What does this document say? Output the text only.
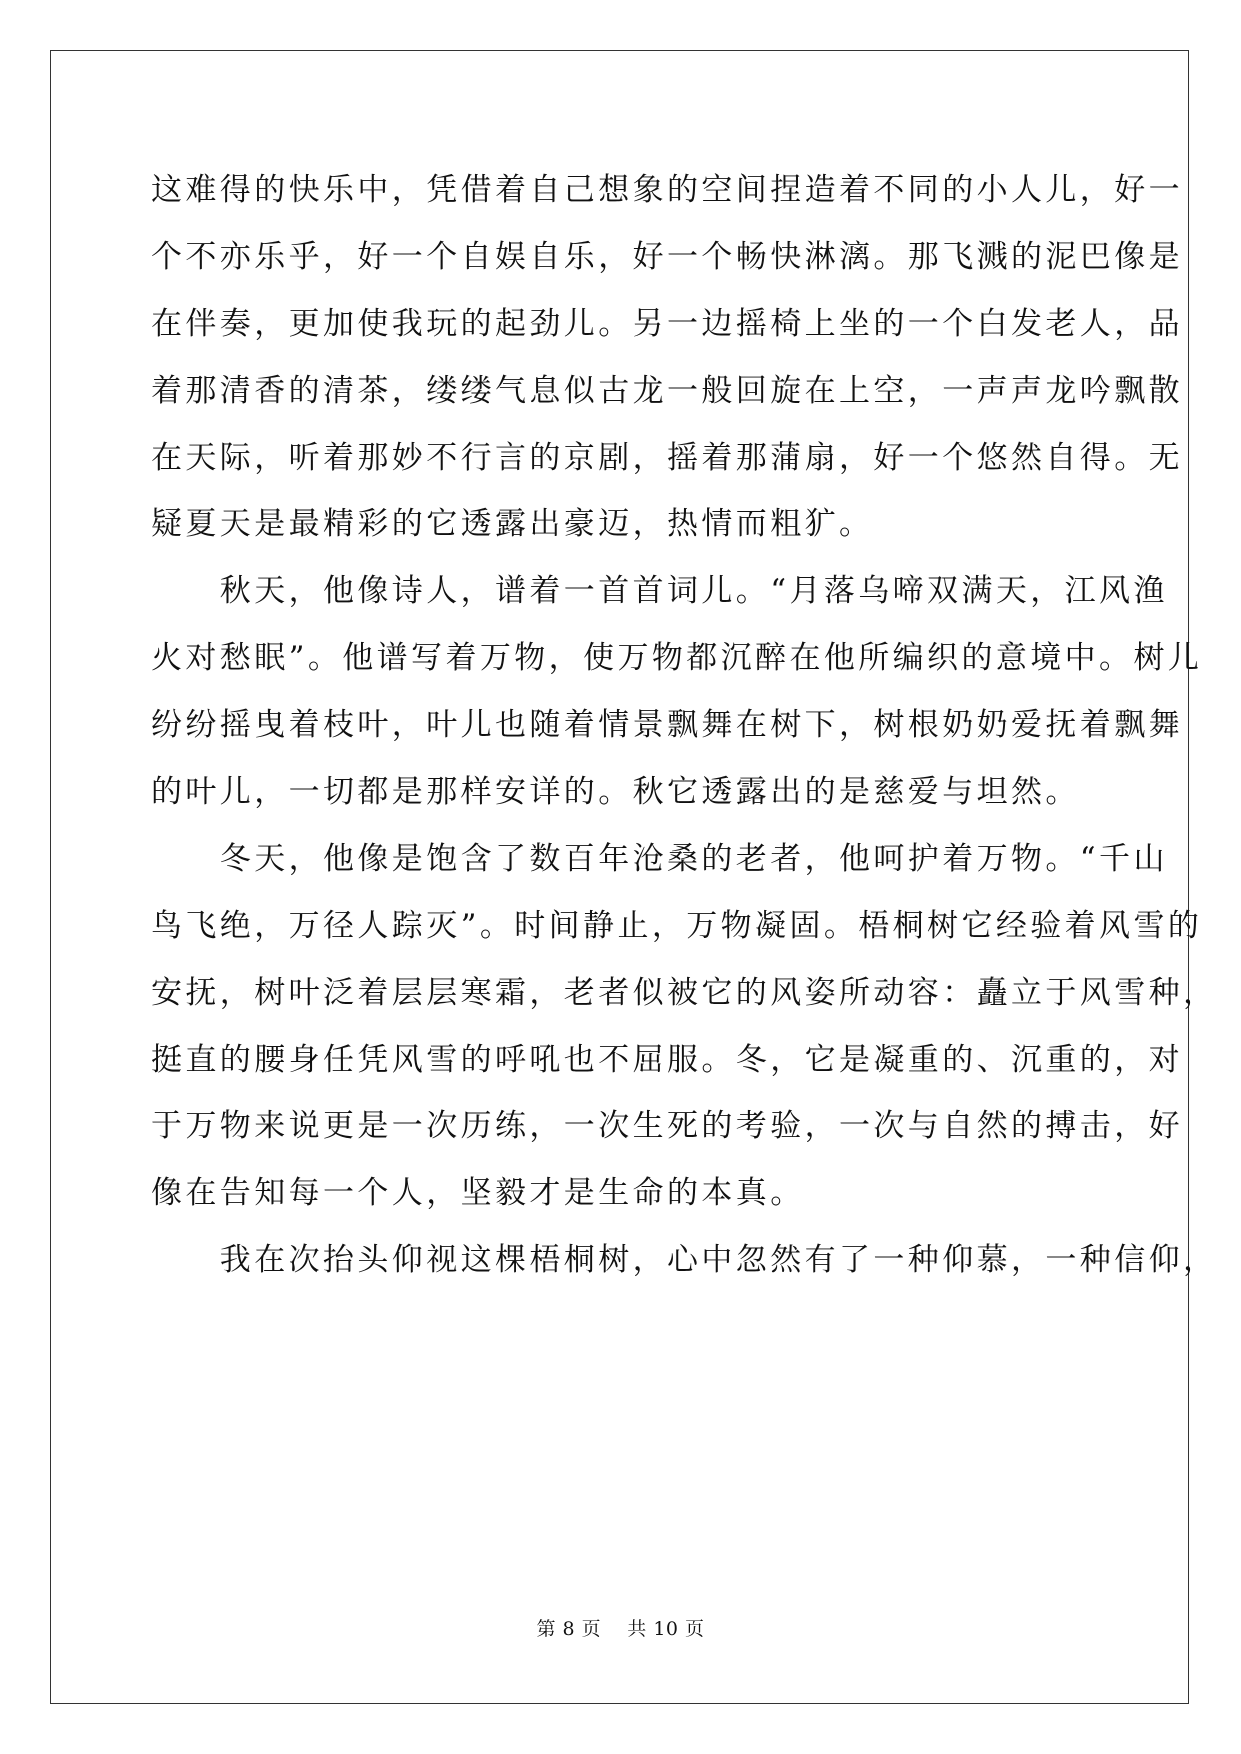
这难得的快乐中，凭借着自己想象的空间捏造着不同的小人儿，好一
个不亦乐乎，好一个自娱自乐，好一个畅快淋漓。那飞溅的泥巴像是
在伴奏，更加使我玩的起劲儿。另一边摇椅上坐的一个白发老人，品
着那清香的清茶，缕缕气息似古龙一般回旋在上空，一声声龙吟飘散
在天际，听着那妙不行言的京剧，摇着那蒲扇，好一个悠然自得。无
疑夏天是最精彩的它透露出豪迈，热情而粗犷。
　　秋天，他像诗人，谱着一首首词儿。“月落乌啼双满天，江风渔
火对愁眠”。他谱写着万物，使万物都沉醉在他所编织的意境中。树儿
纷纷摇曳着枝叶，叶儿也随着情景飘舞在树下，树根奶奶爱抚着飘舞
的叶儿，一切都是那样安详的。秋它透露出的是慈爱与坦然。
　　冬天，他像是饱含了数百年沧桑的老者，他呵护着万物。“千山
鸟飞绝，万径人踪灭”。时间静止，万物凝固。梧桐树它经验着风雪的
安抚，树叶泛着层层寒霜，老者似被它的风姿所动容：矗立于风雪种，
挺直的腰身任凭风雪的呼吼也不屈服。冬，它是凝重的、沉重的，对
于万物来说更是一次历练，一次生死的考验，一次与自然的搏击，好
像在告知每一个人，坚毅才是生命的本真。
　　我在次抬头仰视这棵梧桐树，心中忽然有了一种仰慕，一种信仰，
第 8 页 共 10 页
